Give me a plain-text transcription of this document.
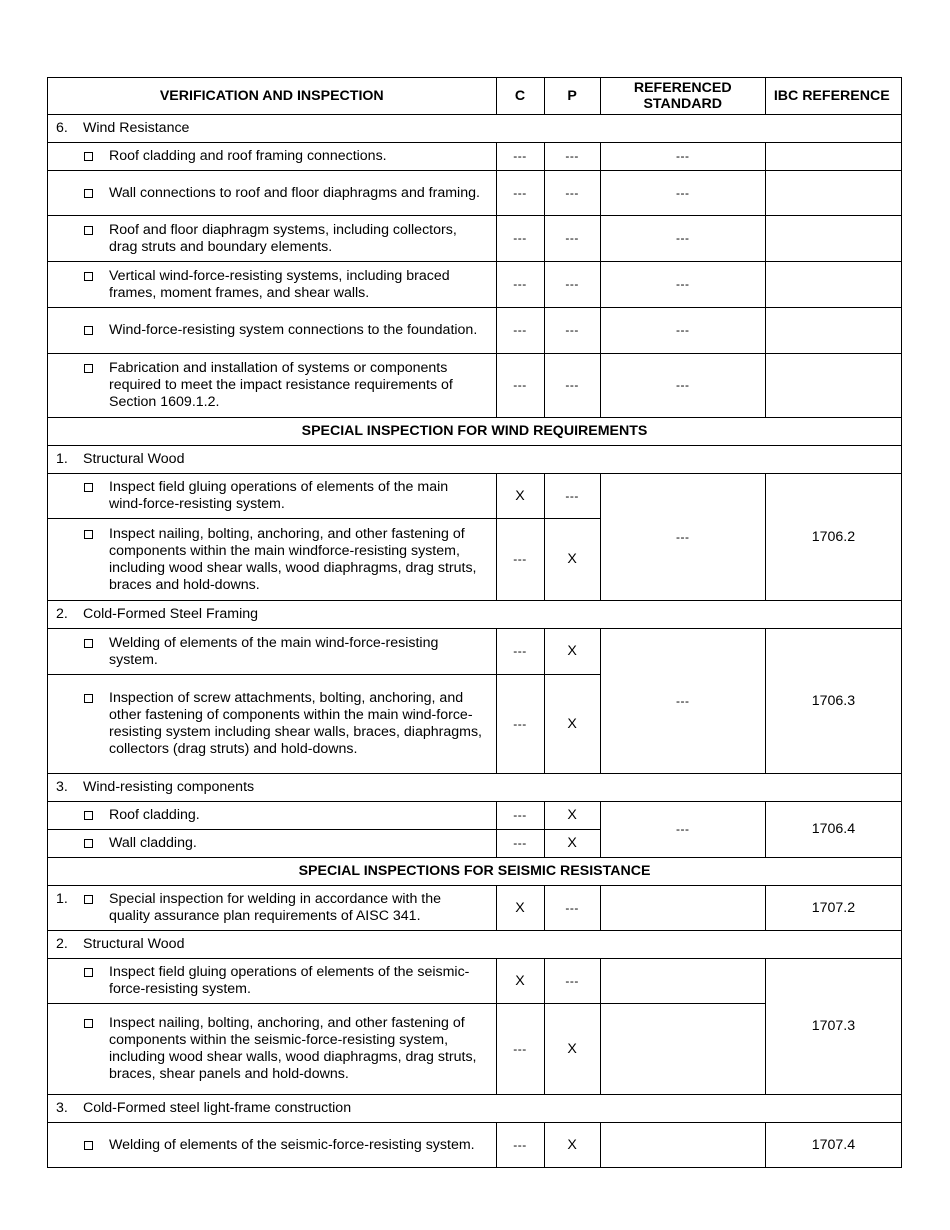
VERIFICATION AND INSPECTION	C	P	REFERENCED STANDARD	IBC REFERENCE
6. Wind Resistance				

Roof cladding and roof framing connections.	---	---	---	

Wall connections to roof and floor diaphragms and framing.	---	---	---	

Roof and floor diaphragm systems, including collectors, drag struts and boundary elements.	---	---	---	

Vertical wind-force-resisting systems, including braced frames, moment frames, and shear walls.	---	---	---	

Wind-force-resisting system connections to the foundation.	---	---	---	

Fabrication and installation of systems or components required to meet the impact resistance requirements of Section 1609.1.2.	---	---	---	
SPECIAL INSPECTION FOR WIND REQUIREMENTS				
1. Structural Wood				

Inspect field gluing operations of elements of the main wind-force-resisting system.	X	---	---	1706.2

Inspect nailing, bolting, anchoring, and other fastening of components within the main windforce-resisting system, including wood shear walls, wood diaphragms, drag struts, braces and hold-downs.	---	X		
2. Cold-Formed Steel Framing				

Welding of elements of the main wind-force-resisting system.	---	X	---	1706.3

Inspection of screw attachments, bolting, anchoring, and other fastening of components within the main wind-force-resisting system including shear walls, braces, diaphragms, collectors (drag struts) and hold-downs.	---	X		
3. Wind-resisting components				

Roof cladding.	---	X	---	1706.4

Wall cladding.	---	X		
SPECIAL INSPECTIONS FOR SEISMIC RESISTANCE				

1. Special inspection for welding in accordance with the quality assurance plan requirements of AISC 341.	X	---		1707.2
2. Structural Wood				

Inspect field gluing operations of elements of the seismic-force-resisting system.	X	---		1707.3

Inspect nailing, bolting, anchoring, and other fastening of components within the seismic-force-resisting system, including wood shear walls, wood diaphragms, drag struts, braces, shear panels and hold-downs.	---	X		
3. Cold-Formed steel light-frame construction				

Welding of elements of the seismic-force-resisting system.	---	X		1707.4
